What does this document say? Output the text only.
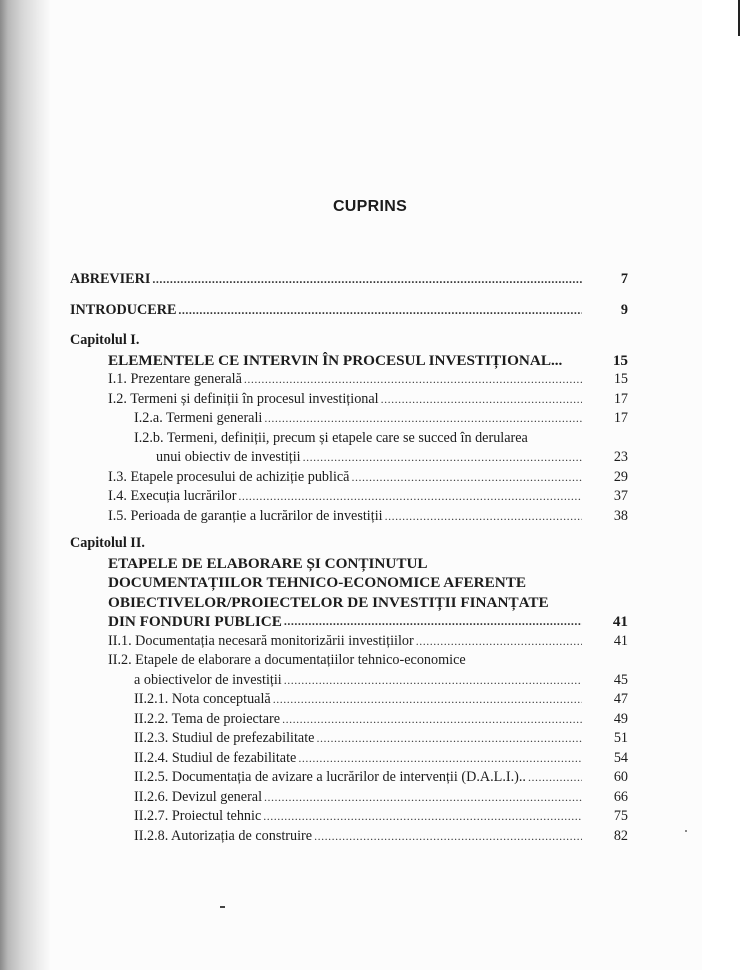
CUPRINS
ABREVIERI .....	7
INTRODUCERE .....	9
Capitolul I.
ELEMENTELE CE INTERVIN ÎN PROCESUL INVESTIȚIONAL...	15
I.1. Prezentare generală .....	15
I.2. Termeni și definiții în procesul investițional .....	17
I.2.a. Termeni generali .....	17
I.2.b. Termeni, definiții, precum și etapele care se succed în derularea
unui obiectiv de investiții .....	23
I.3. Etapele procesului de achiziție publică .....	29
I.4. Execuția lucrărilor .....	37
I.5. Perioada de garanție a lucrărilor de investiții .....	38
Capitolul II.
ETAPELE DE ELABORARE ȘI CONȚINUTUL
DOCUMENTAȚIILOR TEHNICO-ECONOMICE AFERENTE
OBIECTIVELOR/PROIECTELOR DE INVESTIȚII FINANȚATE
DIN FONDURI PUBLICE .....	41
II.1. Documentația necesară monitorizării investițiilor .....	41
II.2. Etapele de elaborare a documentațiilor tehnico-economice
a obiectivelor de investiții .....	45
II.2.1. Nota conceptuală .....	47
II.2.2. Tema de proiectare .....	49
II.2.3. Studiul de prefezabilitate .....	51
II.2.4. Studiul de fezabilitate .....	54
II.2.5. Documentația de avizare a lucrărilor de intervenții (D.A.L.I.).. .....	60
II.2.6. Devizul general .....	66
II.2.7. Proiectul tehnic .....	75
II.2.8. Autorizația de construire .....	82
